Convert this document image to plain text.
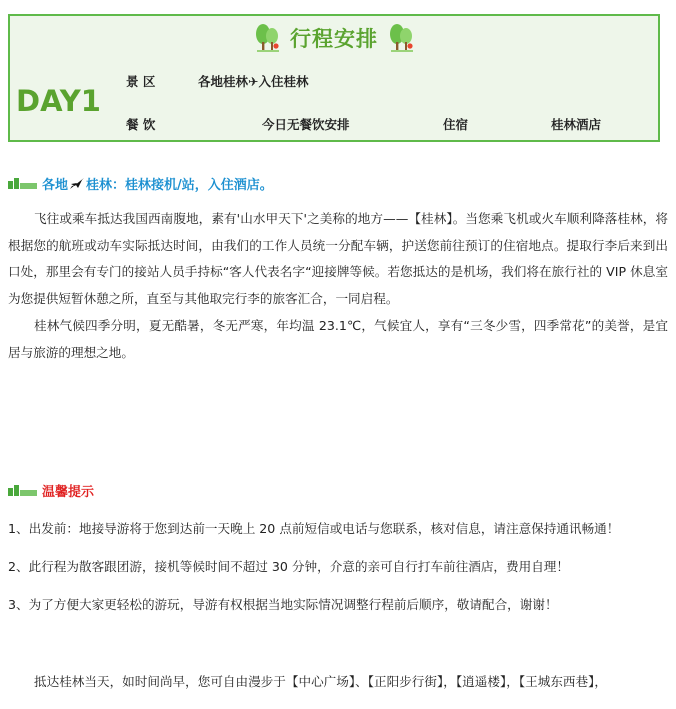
行程安排
DAY1
景 区	各地桂林✈入住桂林
餐 饮	今日无餐饮安排	住宿	桂林酒店
各地 桂林：桂林接机/站，入住酒店。

飞往或乘车抵达我国西南腹地，素有'山水甲天下'之美称的地方——【桂林】。当您乘飞机或火车顺利降落桂林，将根据您的航班或动车实际抵达时间，由我们的工作人员统一分配车辆，护送您前往预订的住宿地点。提取行李后来到出口处，那里会有专门的接站人员手持标“客人代表名字“迎接牌等候。若您抵达的是机场，我们将在旅行社的 VIP 休息室为您提供短暂休憩之所，直至与其他取完行李的旅客汇合，一同启程。

桂林气候四季分明，夏无酷暑，冬无严寒，年均温 23.1℃，气候宜人，享有“三冬少雪，四季常花”的美誉，是宜居与旅游的理想之地。

温馨提示
1、出发前：地接导游将于您到达前一天晚上 20 点前短信或电话与您联系，核对信息，请注意保持通讯畅通！
2、此行程为散客跟团游，接机等候时间不超过 30 分钟，介意的亲可自行打车前往酒店，费用自理！
3、为了方便大家更轻松的游玩，导游有权根据当地实际情况调整行程前后顺序，敬请配合，谢谢！
抵达桂林当天，如时间尚早，您可自由漫步于【中心广场】、【正阳步行街】，【逍遥楼】，【王城东西巷】，
